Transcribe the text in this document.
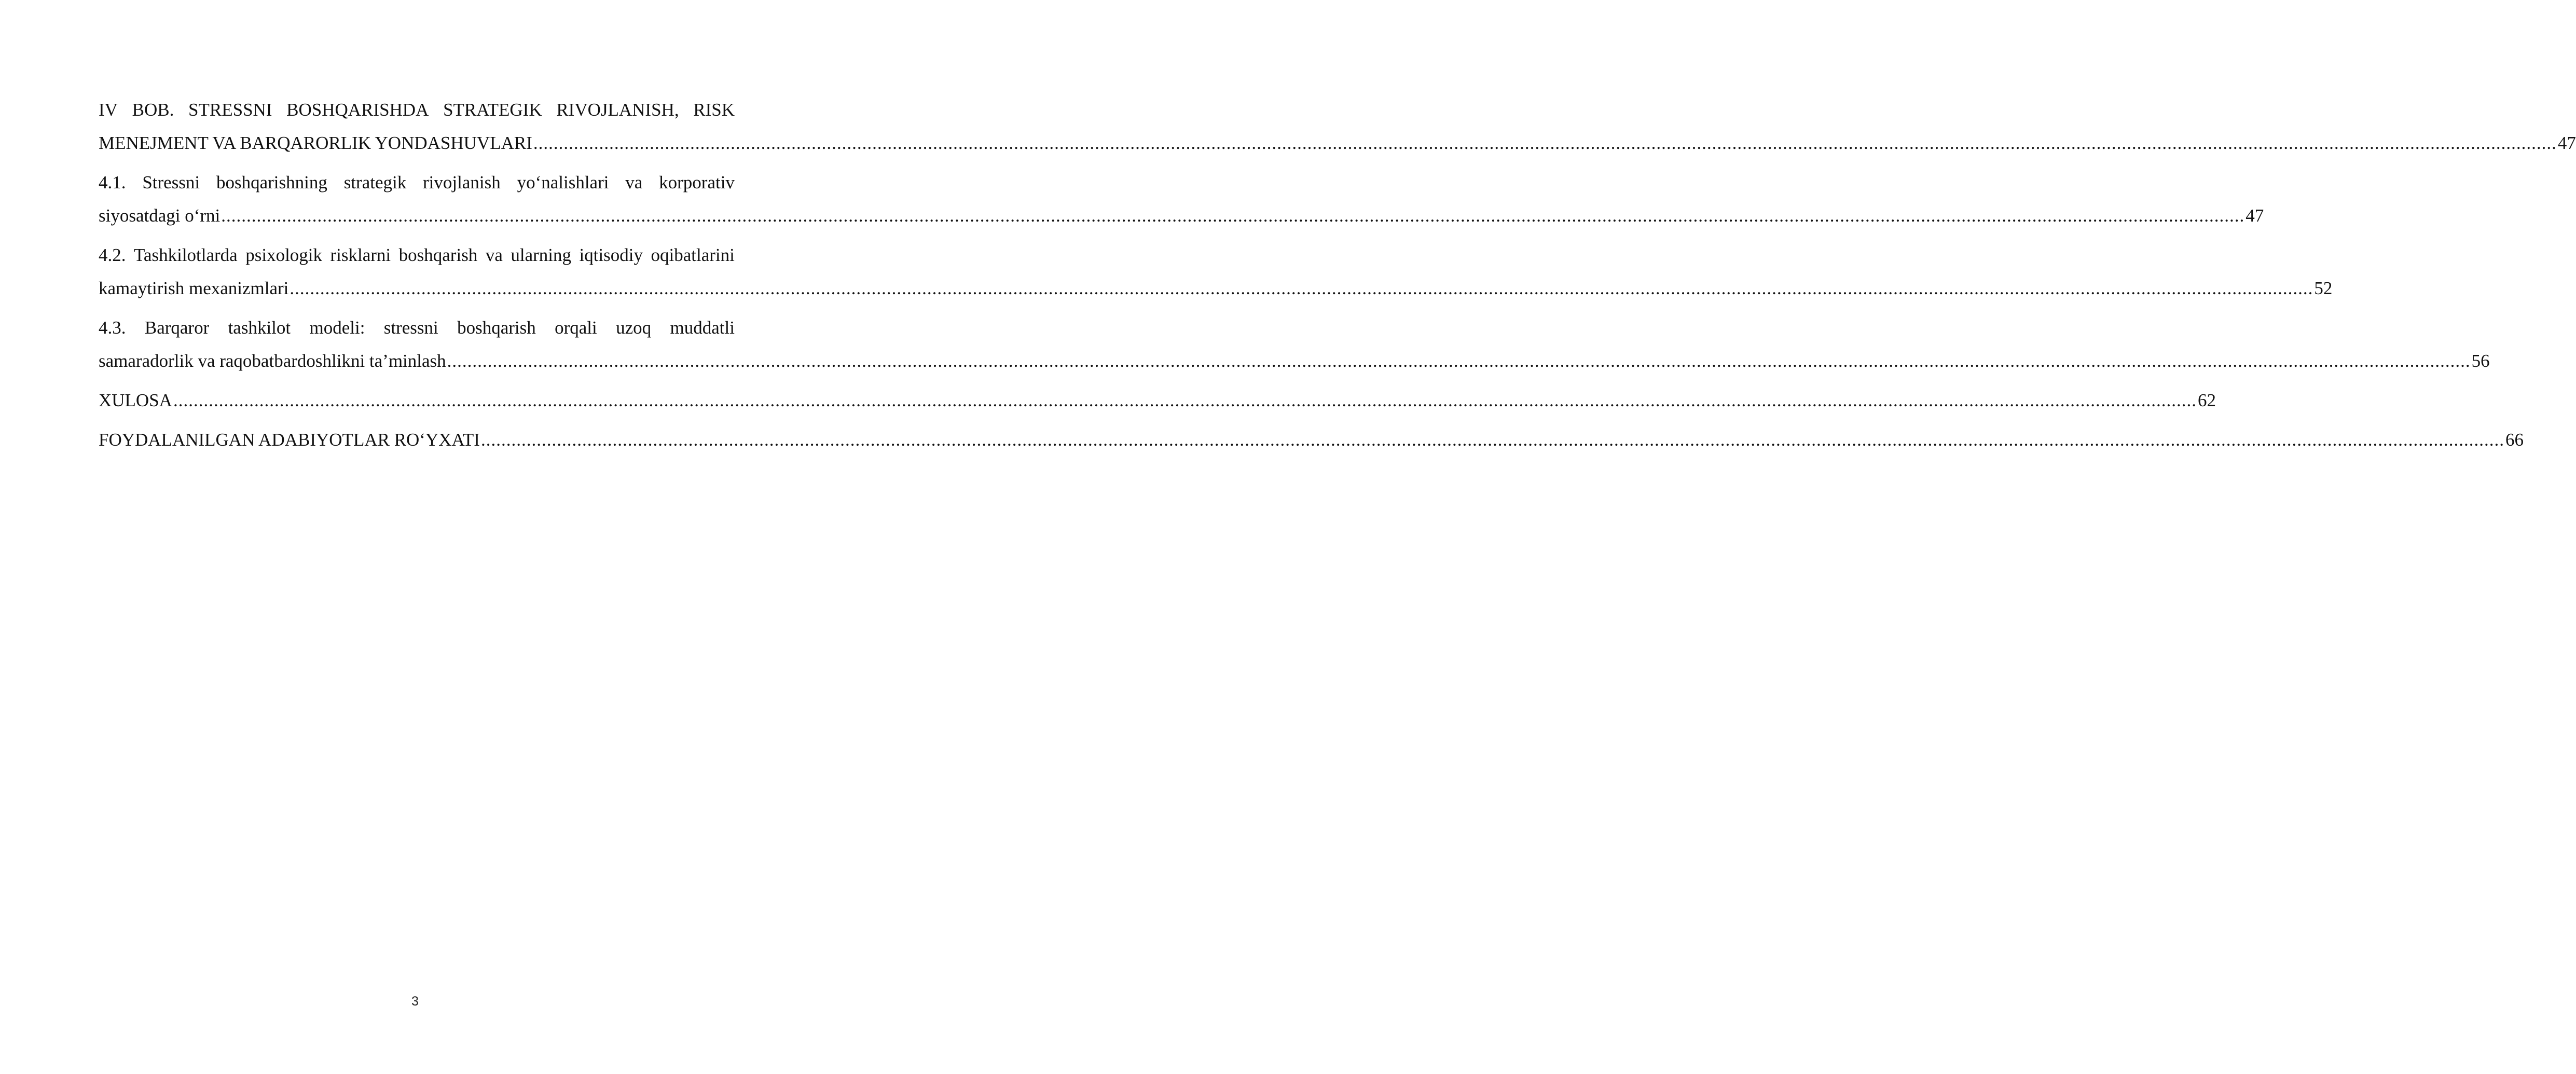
IV BOB. STRESSNI BOSHQARISHDA STRATEGIK RIVOJLANISH, RISK
MENEJMENT VA BARQARORLIK YONDASHUVLARI ................................................................................................................................................................................................................................................................................................................................................................................................................ 47
4.1. Stressni boshqarishning strategik rivojlanish yo‘nalishlari va korporativ
siyosatdagi o‘rni ................................................................................................................................................................................................................................................................................................................................................................................................................ 47
4.2. Tashkilotlarda psixologik risklarni boshqarish va ularning iqtisodiy oqibatlarini
kamaytirish mexanizmlari ................................................................................................................................................................................................................................................................................................................................................................................................................ 52
4.3. Barqaror tashkilot modeli: stressni boshqarish orqali uzoq muddatli
samaradorlik va raqobatbardoshlikni ta’minlash ................................................................................................................................................................................................................................................................................................................................................................................................................ 56
XULOSA ................................................................................................................................................................................................................................................................................................................................................................................................................ 62
FOYDALANILGAN ADABIYOTLAR RO‘YXATI ................................................................................................................................................................................................................................................................................................................................................................................................................ 66
3
